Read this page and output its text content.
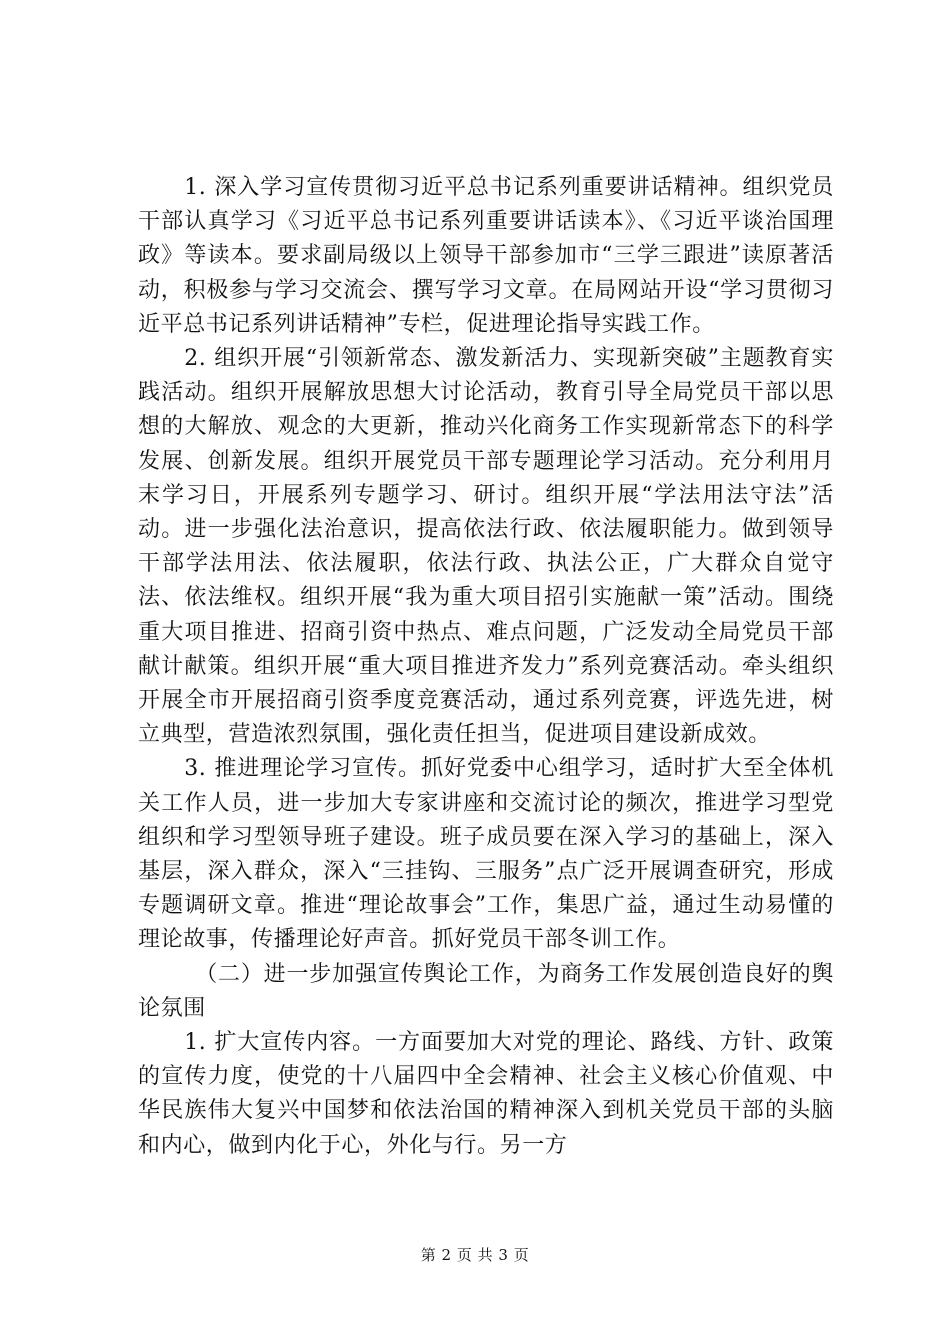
1. 深入学习宣传贯彻习近平总书记系列重要讲话精神。组织党员干部认真学习《习近平总书记系列重要讲话读本》、《习近平谈治国理政》等读本。要求副局级以上领导干部参加市“三学三跟进”读原著活动，积极参与学习交流会、撰写学习文章。在局网站开设“学习贯彻习近平总书记系列讲话精神”专栏，促进理论指导实践工作。

2. 组织开展“引领新常态、激发新活力、实现新突破”主题教育实践活动。组织开展解放思想大讨论活动，教育引导全局党员干部以思想的大解放、观念的大更新，推动兴化商务工作实现新常态下的科学发展、创新发展。组织开展党员干部专题理论学习活动。充分利用月末学习日，开展系列专题学习、研讨。组织开展“学法用法守法”活动。进一步强化法治意识，提高依法行政、依法履职能力。做到领导干部学法用法、依法履职，依法行政、执法公正，广大群众自觉守法、依法维权。组织开展“我为重大项目招引实施献一策”活动。围绕重大项目推进、招商引资中热点、难点问题，广泛发动全局党员干部献计献策。组织开展“重大项目推进齐发力”系列竞赛活动。牵头组织开展全市开展招商引资季度竞赛活动，通过系列竞赛，评选先进，树立典型，营造浓烈氛围，强化责任担当，促进项目建设新成效。

3. 推进理论学习宣传。抓好党委中心组学习，适时扩大至全体机关工作人员，进一步加大专家讲座和交流讨论的频次，推进学习型党组织和学习型领导班子建设。班子成员要在深入学习的基础上，深入基层，深入群众，深入“三挂钩、三服务”点广泛开展调查研究，形成专题调研文章。推进“理论故事会”工作，集思广益，通过生动易懂的理论故事，传播理论好声音。抓好党员干部冬训工作。

（二）进一步加强宣传舆论工作，为商务工作发展创造良好的舆论氛围

1. 扩大宣传内容。一方面要加大对党的理论、路线、方针、政策的宣传力度，使党的十八届四中全会精神、社会主义核心价值观、中华民族伟大复兴中国梦和依法治国的精神深入到机关党员干部的头脑和内心，做到内化于心，外化与行。另一方

第 2 页 共 3 页
